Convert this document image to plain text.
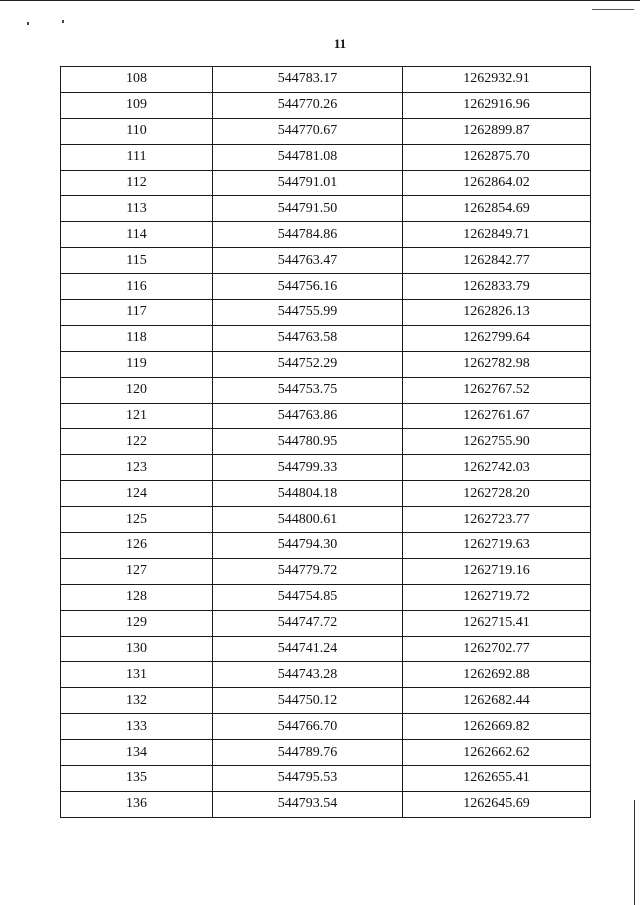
11
108	544783.17	1262932.91
109	544770.26	1262916.96
110	544770.67	1262899.87
111	544781.08	1262875.70
112	544791.01	1262864.02
113	544791.50	1262854.69
114	544784.86	1262849.71
115	544763.47	1262842.77
116	544756.16	1262833.79
117	544755.99	1262826.13
118	544763.58	1262799.64
119	544752.29	1262782.98
120	544753.75	1262767.52
121	544763.86	1262761.67
122	544780.95	1262755.90
123	544799.33	1262742.03
124	544804.18	1262728.20
125	544800.61	1262723.77
126	544794.30	1262719.63
127	544779.72	1262719.16
128	544754.85	1262719.72
129	544747.72	1262715.41
130	544741.24	1262702.77
131	544743.28	1262692.88
132	544750.12	1262682.44
133	544766.70	1262669.82
134	544789.76	1262662.62
135	544795.53	1262655.41
136	544793.54	1262645.69
